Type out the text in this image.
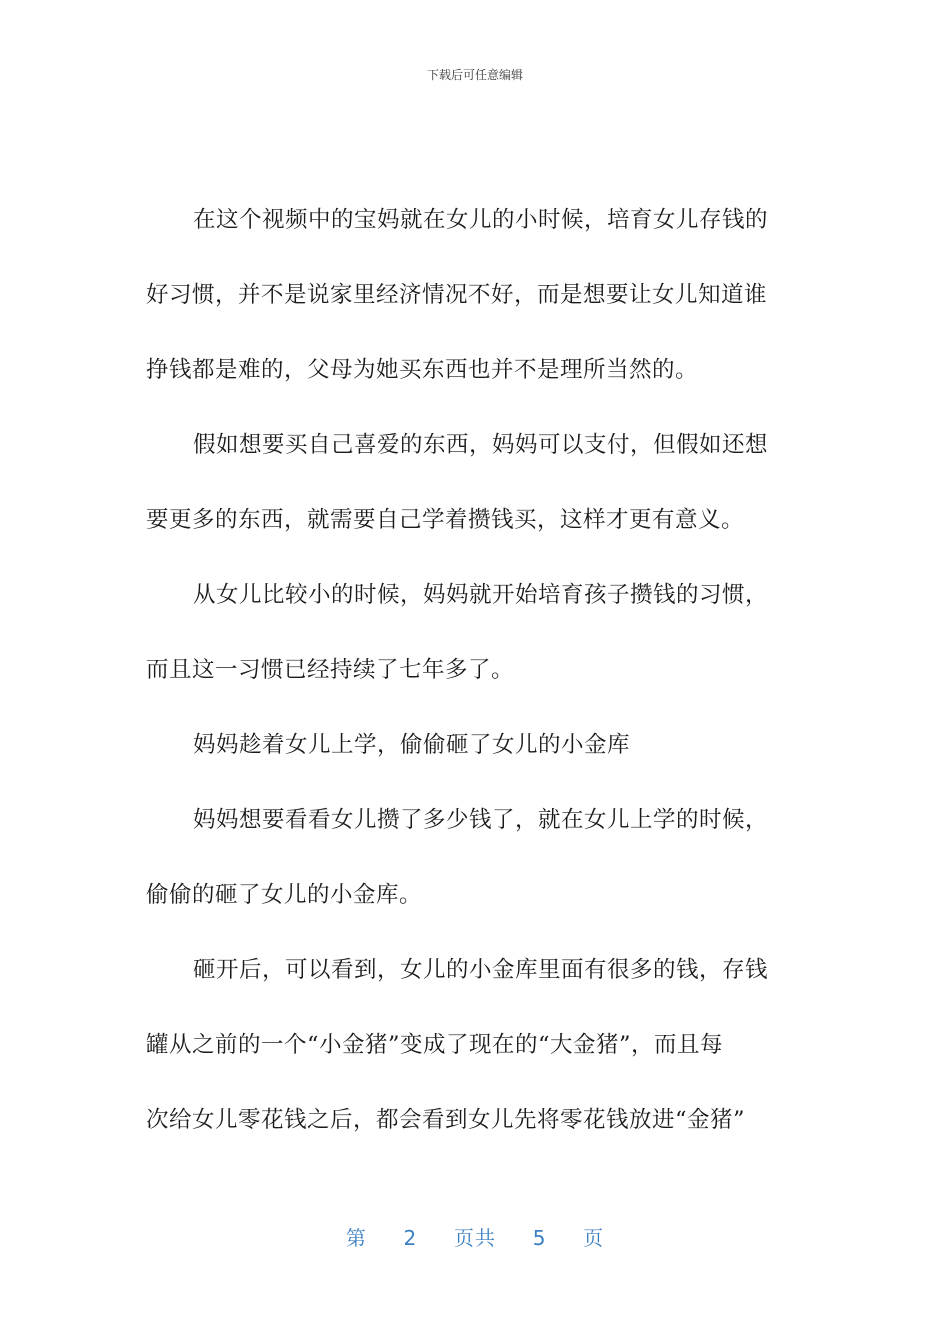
下载后可任意编辑
在这个视频中的宝妈就在女儿的小时候，培育女儿存钱的
好习惯，并不是说家里经济情况不好，而是想要让女儿知道谁
挣钱都是难的，父母为她买东西也并不是理所当然的。
假如想要买自己喜爱的东西，妈妈可以支付，但假如还想
要更多的东西，就需要自己学着攒钱买，这样才更有意义。
从女儿比较小的时候，妈妈就开始培育孩子攒钱的习惯，
而且这一习惯已经持续了七年多了。
妈妈趁着女儿上学，偷偷砸了女儿的小金库
妈妈想要看看女儿攒了多少钱了，就在女儿上学的时候，
偷偷的砸了女儿的小金库。
砸开后，可以看到，女儿的小金库里面有很多的钱，存钱
罐从之前的一个“小金猪”变成了现在的“大金猪”，而且每
次给女儿零花钱之后，都会看到女儿先将零花钱放进“金猪”
第 2 页共 5 页
